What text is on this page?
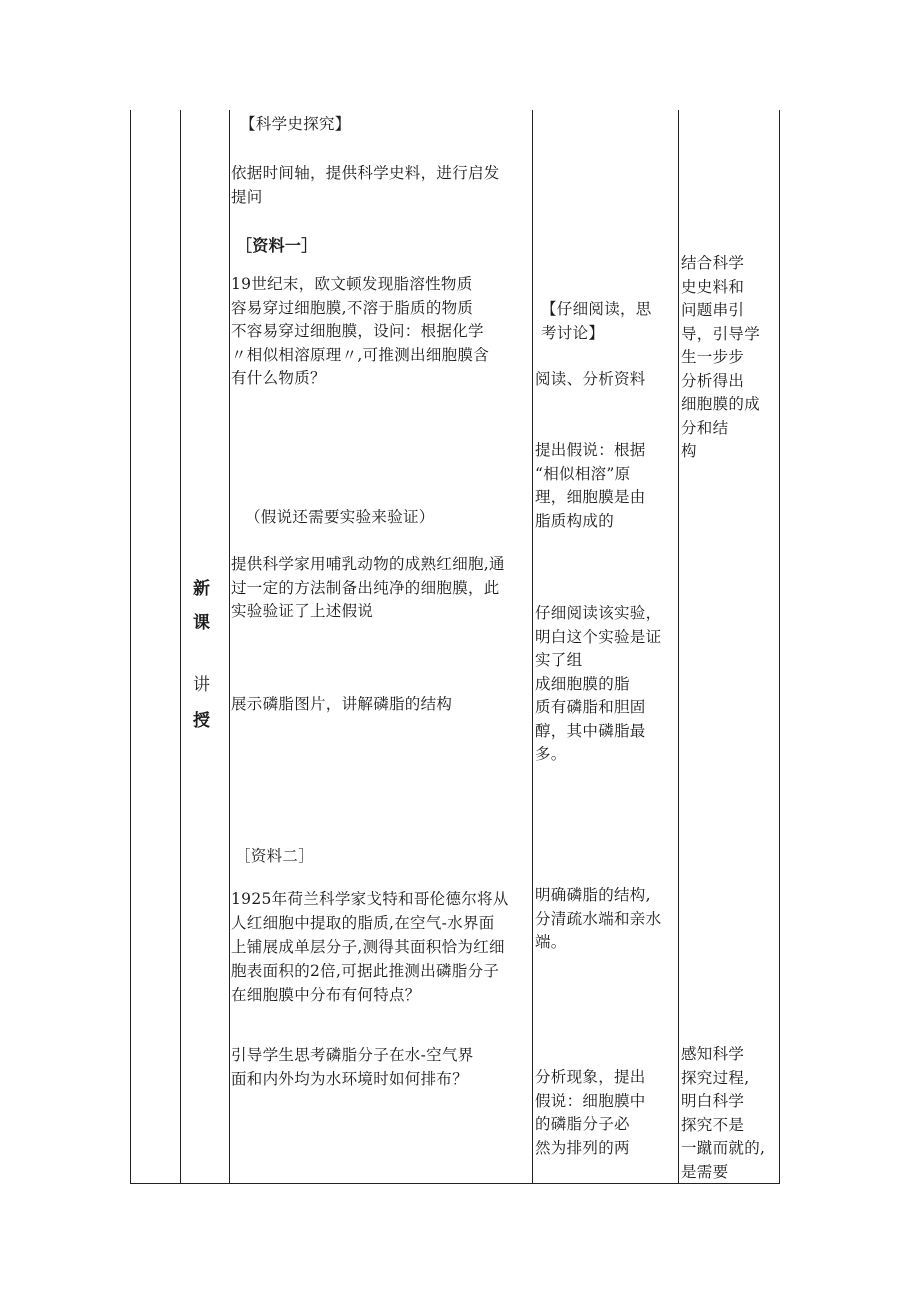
新
课
讲
授
【科学史探究】
依据时间轴，提供科学史料，进行启发
提问
［资料一］
19世纪末，欧文顿发现脂溶性物质
容易穿过细胞膜,不溶于脂质的物质
不容易穿过细胞膜，设问：根据化学
〃相似相溶原理〃,可推测出细胞膜含
有什么物质？
（假说还需要实验来验证）
提供科学家用哺乳动物的成熟红细胞,通
过一定的方法制备出纯净的细胞膜，此
实验验证了上述假说
展示磷脂图片，讲解磷脂的结构
［资料二］
1925年荷兰科学家戈特和哥伦德尔将从
人红细胞中提取的脂质,在空气-水界面
上铺展成单层分子,测得其面积恰为红细
胞表面积的2倍,可据此推测出磷脂分子
在细胞膜中分布有何特点？
引导学生思考磷脂分子在水-空气界
面和内外均为水环境时如何排布？
【仔细阅读，思
考讨论】
阅读、分析资料
提出假说：根据
“相似相溶”原
理，细胞膜是由
脂质构成的
仔细阅读该实验，
明白这个实验是证
实了组
成细胞膜的脂
质有磷脂和胆固
醇，其中磷脂最
多。
明确磷脂的结构,
分清疏水端和亲水
端。
分析现象，提出
假说：细胞膜中
的磷脂分子必
然为排列的两
结合科学
史史料和
问题串引
导，引导学
生一步步
分析得出
细胞膜的成
分和结
构
感知科学
探究过程,
明白科学
探究不是
一蹴而就的,
是需要
